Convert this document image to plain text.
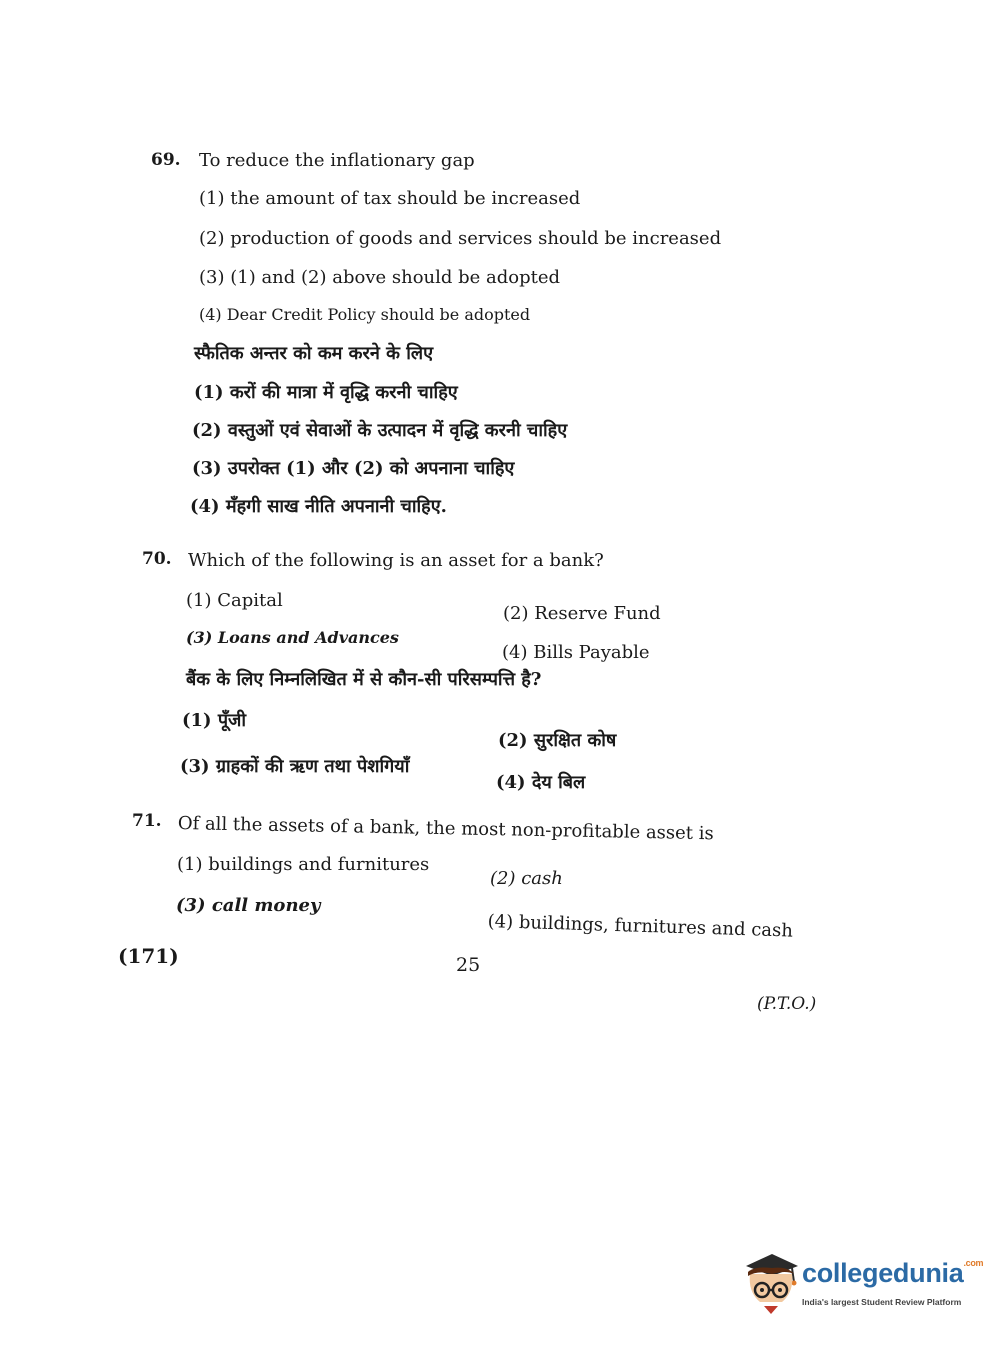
69. To reduce the inflationary gap
(1) the amount of tax should be increased
(2) production of goods and services should be increased
(3) (1) and (2) above should be adopted
(4) Dear Credit Policy should be adopted
स्फैतिक अन्तर को कम करने के लिए
(1) करों की मात्रा में वृद्धि करनी चाहिए
(2) वस्तुओं एवं सेवाओं के उत्पादन में वृद्धि करनी चाहिए
(3) उपरोक्त (1) और (2) को अपनाना चाहिए
(4) मँहगी साख नीति अपनानी चाहिए.
70. Which of the following is an asset for a bank?
(1) Capital
(2) Reserve Fund
(3) Loans and Advances
(4) Bills Payable
बैंक के लिए निम्नलिखित में से कौन-सी परिसम्पत्ति है?
(1) पूँजी
(2) सुरक्षित कोष
(3) ग्राहकों की ऋण तथा पेशगियाँ
(4) देय बिल
71. Of all the assets of a bank, the most non-profitable asset is
(1) buildings and furnitures
(2) cash
(3) call money
(4) buildings, furnitures and cash
(171)	25
(P.T.O.)
collegedunia$^{.com}$
India's largest Student Review Platform
